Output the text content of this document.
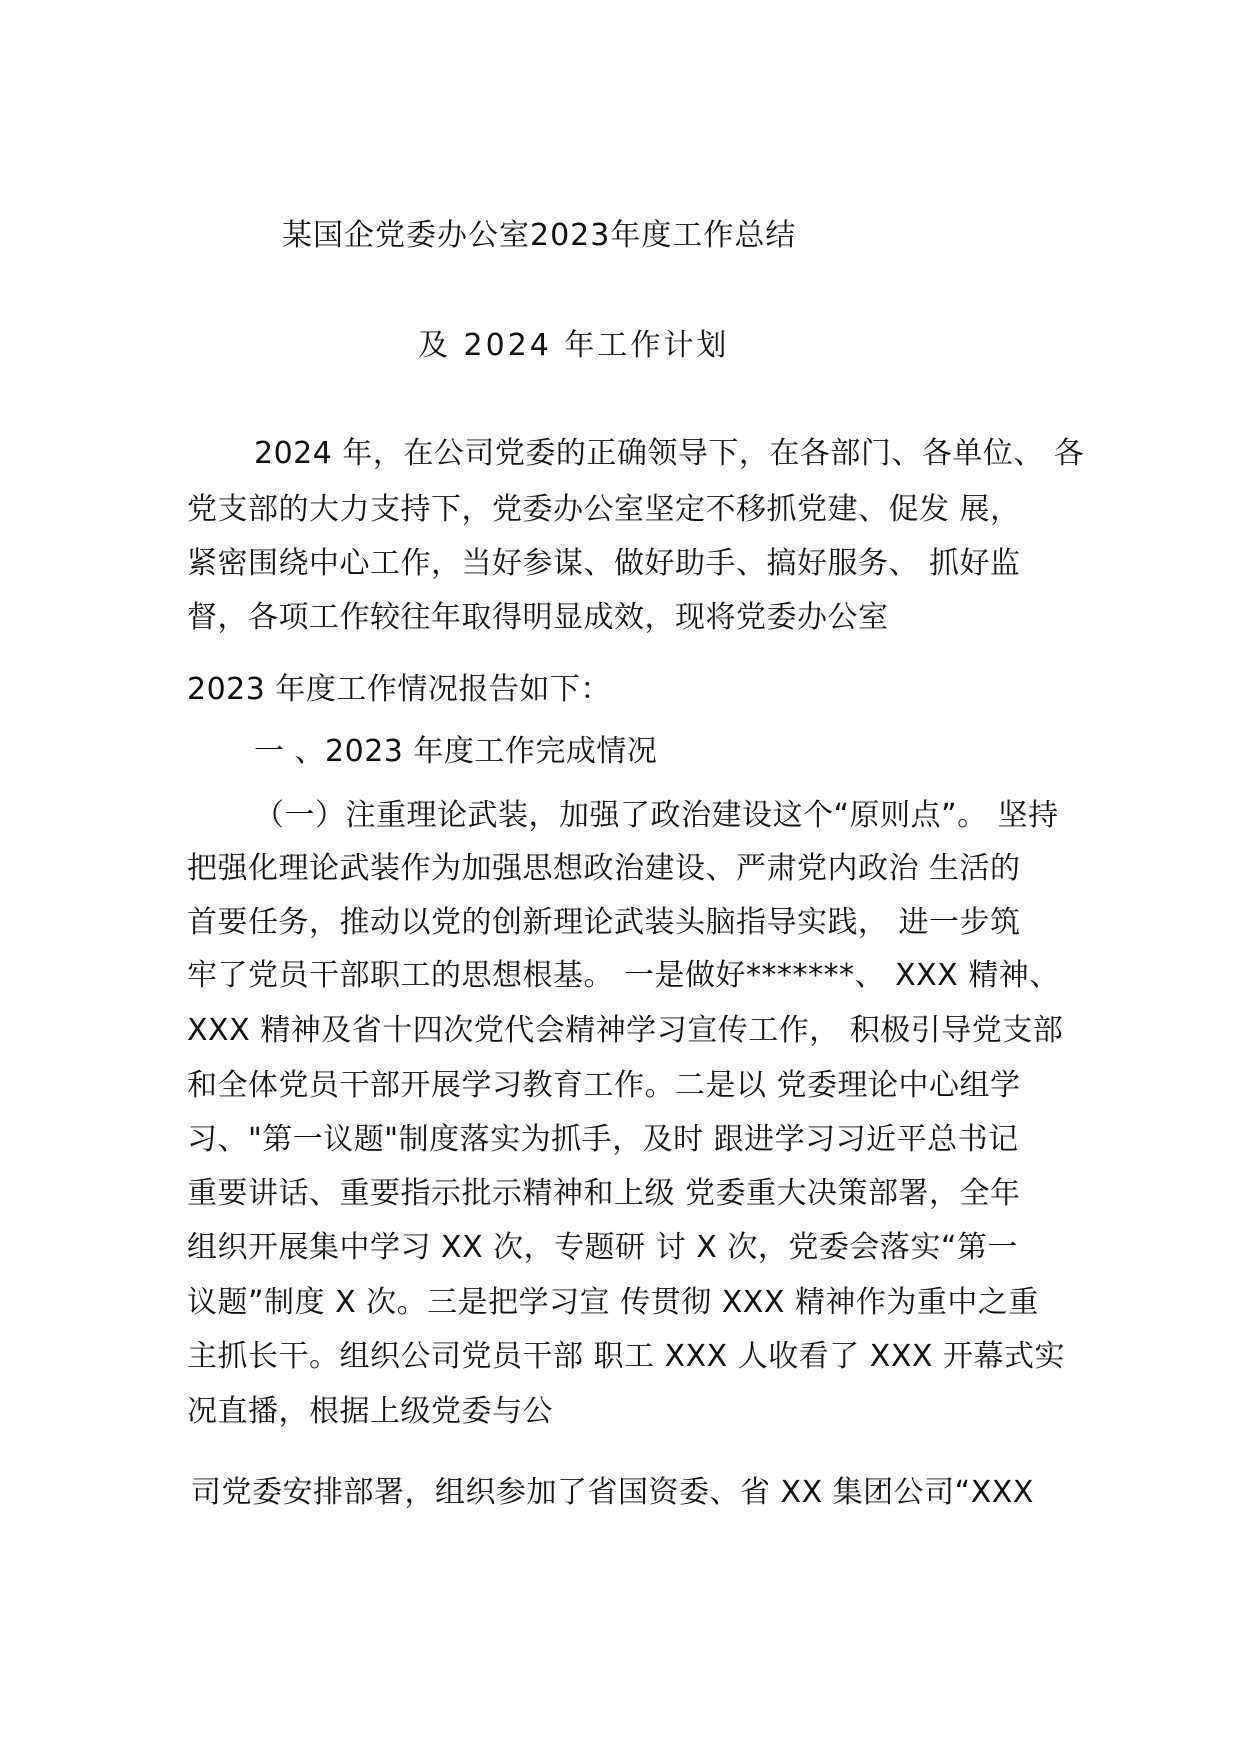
某国企党委办公室2023年度工作总结
及 2024 年工作计划
2024 年，在公司党委的正确领导下，在各部门、各单位、 各
党支部的大力支持下，党委办公室坚定不移抓党建、促发 展，
紧密围绕中心工作，当好参谋、做好助手、搞好服务、 抓好监
督，各项工作较往年取得明显成效，现将党委办公室
2023 年度工作情况报告如下：
一 、2023 年度工作完成情况
（一）注重理论武装，加强了政治建设这个“原则点”。 坚持
把强化理论武装作为加强思想政治建设、严肃党内政治 生活的
首要任务，推动以党的创新理论武装头脑指导实践， 进一步筑
牢了党员干部职工的思想根基。 一是做好*******、 XXX 精神、
XXX 精神及省十四次党代会精神学习宣传工作， 积极引导党支部
和全体党员干部开展学习教育工作。二是以 党委理论中心组学
习、"第一议题"制度落实为抓手，及时 跟进学习习近平总书记
重要讲话、重要指示批示精神和上级 党委重大决策部署，全年
组织开展集中学习 XX 次，专题研 讨 X 次，党委会落实“第一
议题”制度 X 次。三是把学习宣 传贯彻 XXX 精神作为重中之重
主抓长干。组织公司党员干部 职工 XXX 人收看了 XXX 开幕式实
况直播，根据上级党委与公
司党委安排部署，组织参加了省国资委、省 XX 集团公司“XXX
